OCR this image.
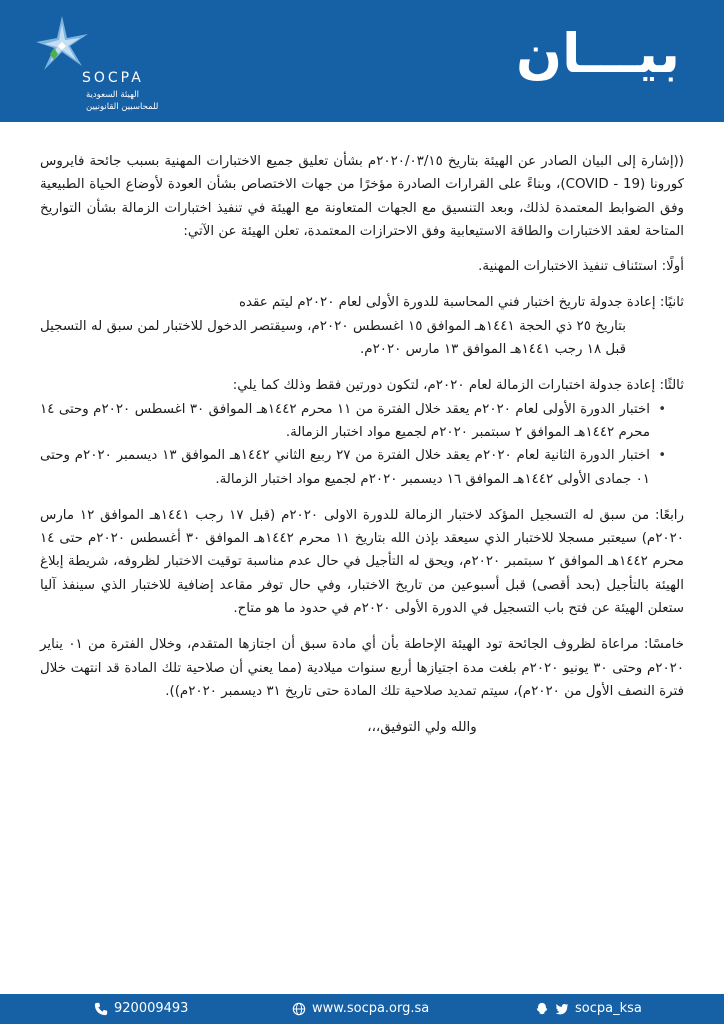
SOCPA
الهيئة السعودية
للمحاسبين القانونيين
بيـــان

((إشارة إلى البيان الصادر عن الهيئة بتاريخ ٢٠٢٠/٠٣/١٥م بشأن تعليق جميع الاختبارات المهنية بسبب جائحة فايروس كورونا (COVID - 19)، وبناءً على القرارات الصادرة مؤخرًا من جهات الاختصاص بشأن العودة لأوضاع الحياة الطبيعية وفق الضوابط المعتمدة لذلك، وبعد التنسيق مع الجهات المتعاونة مع الهيئة في تنفيذ اختبارات الزمالة بشأن التواريخ المتاحة لعقد الاختبارات والطاقة الاستيعابية وفق الاحترازات المعتمدة، تعلن الهيئة عن الآتي:

أولًا: استئناف تنفيذ الاختبارات المهنية.

ثانيًا: إعادة جدولة تاريخ اختبار فني المحاسبة للدورة الأولى لعام ٢٠٢٠م ليتم عقده
بتاريخ ٢٥ ذي الحجة ١٤٤١هـ الموافق ١٥ اغسطس ٢٠٢٠م، وسيقتصر الدخول للاختبار لمن سبق له التسجيل قبل ١٨ رجب ١٤٤١هـ الموافق ١٣ مارس ٢٠٢٠م.
ثالثًا: إعادة جدولة اختبارات الزمالة لعام ٢٠٢٠م، لتكون دورتين فقط وذلك كما يلي:
• اختبار الدورة الأولى لعام ٢٠٢٠م يعقد خلال الفترة من ١١ محرم ١٤٤٢هـ الموافق ٣٠ اغسطس ٢٠٢٠م وحتى ١٤ محرم ١٤٤٢هـ الموافق ٢ سبتمبر ٢٠٢٠م لجميع مواد اختبار الزمالة.
• اختبار الدورة الثانية لعام ٢٠٢٠م يعقد خلال الفترة من ٢٧ ربيع الثاني ١٤٤٢هـ الموافق ١٣ ديسمبر ٢٠٢٠م وحتى ٠١ جمادى الأولى ١٤٤٢هـ الموافق ١٦ ديسمبر ٢٠٢٠م لجميع مواد اختبار الزمالة.

رابعًا: من سبق له التسجيل المؤكد لاختبار الزمالة للدورة الاولى ٢٠٢٠م (قبل ١٧ رجب ١٤٤١هـ الموافق ١٢ مارس ٢٠٢٠م) سيعتبر مسجلا للاختبار الذي سيعقد بإذن الله بتاريخ ١١ محرم ١٤٤٢هـ الموافق ٣٠ أغسطس ٢٠٢٠م حتى ١٤ محرم ١٤٤٢هـ الموافق ٢ سبتمبر ٢٠٢٠م، ويحق له التأجيل في حال عدم مناسبة توقيت الاختبار لظروفه، شريطة إبلاغ الهيئة بالتأجيل (بحد أقصى) قبل أسبوعين من تاريخ الاختبار، وفي حال توفر مقاعد إضافية للاختبار الذي سينفذ آليا ستعلن الهيئة عن فتح باب التسجيل في الدورة الأولى ٢٠٢٠م في حدود ما هو متاح.

خامسًا: مراعاة لظروف الجائحة تود الهيئة الإحاطة بأن أي مادة سبق أن اجتازها المتقدم، وخلال الفترة من ٠١ يناير ٢٠٢٠م وحتى ٣٠ يونيو ٢٠٢٠م بلغت مدة اجتيازها أربع سنوات ميلادية (مما يعني أن صلاحية تلك المادة قد انتهت خلال فترة النصف الأول من ٢٠٢٠م)، سيتم تمديد صلاحية تلك المادة حتى تاريخ ٣١ ديسمبر ٢٠٢٠م)).

والله ولي التوفيق،،،

920009493	www.socpa.org.sa	socpa_ksa
